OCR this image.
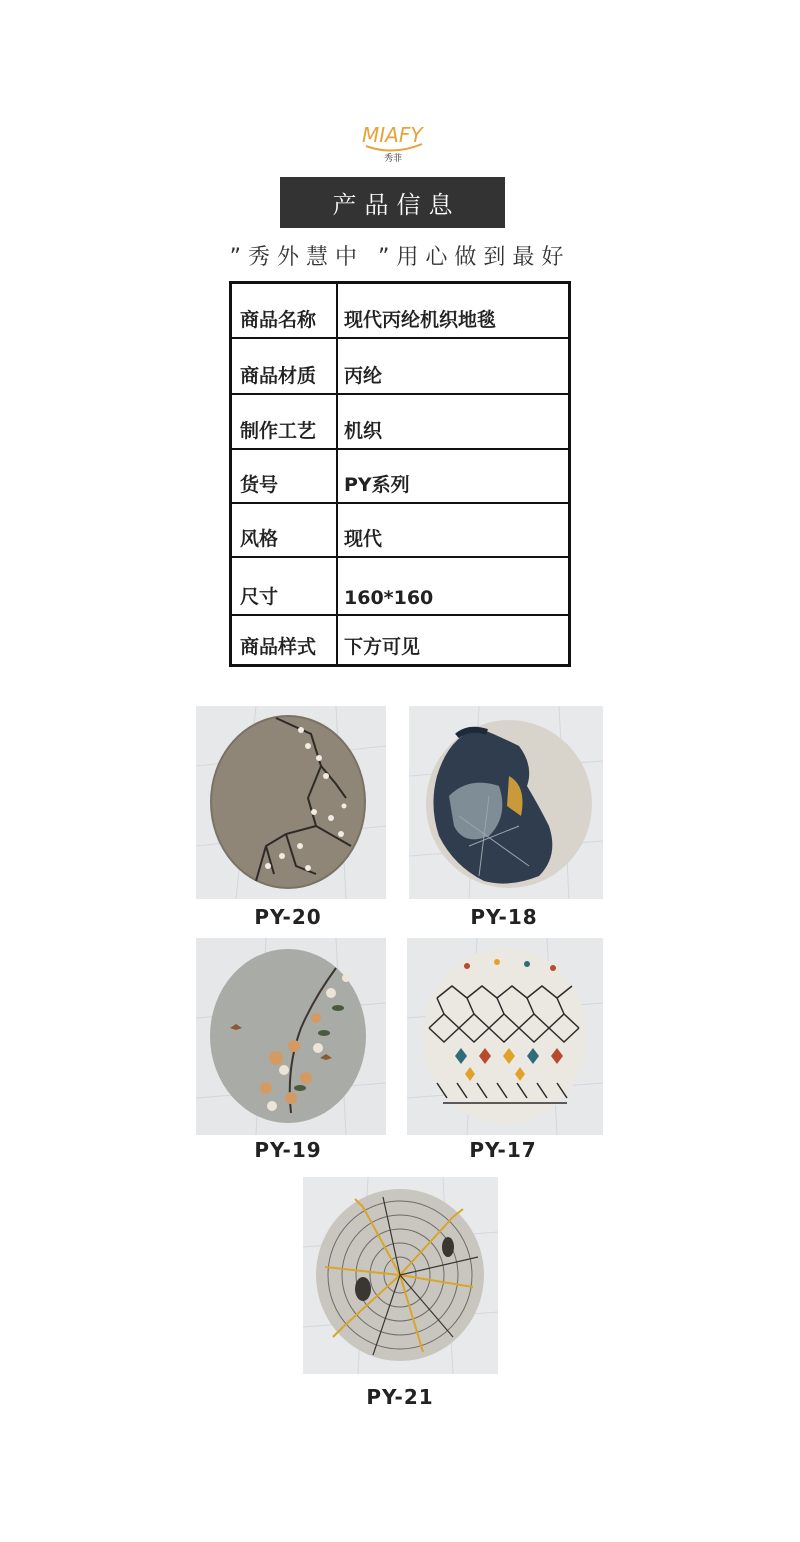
MIAFY
秀菲
产品信息
”秀外慧中 ”用心做到最好
商品名称	现代丙纶机织地毯
商品材质	丙纶
制作工艺	机织
货号	PY系列
风格	现代
尺寸	160*160
商品样式	下方可见
PY-20	PY-18
PY-19	PY-17
PY-21
